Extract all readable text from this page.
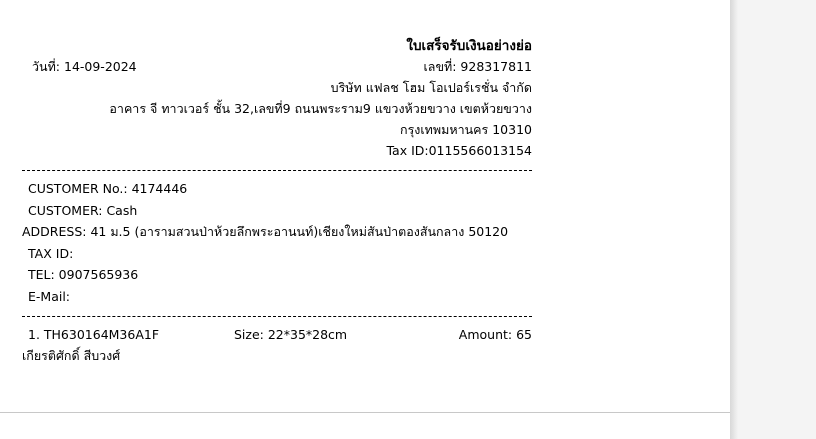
ใบเสร็จรับเงินอย่างย่อ
วันที่: 14-09-2024	เลขที่: 928317811
บริษัท แฟลช โฮม โอเปอร์เรชั่น จำกัด
อาคาร จี ทาวเวอร์ ชั้น 32,เลขที่9 ถนนพระราม9 แขวงห้วยขวาง เขตห้วยขวาง
กรุงเทพมหานคร 10310
Tax ID:0115566013154
CUSTOMER No.: 4174446
CUSTOMER: Cash
ADDRESS: 41 ม.5 (อารามสวนป่าห้วยลึกพระอานนท์)เชียงใหม่สันป่าตองสันกลาง 50120
TAX ID:
TEL: 0907565936
E-Mail:
1. TH630164M36A1F	Size: 22*35*28cm	Amount: 65
เกียรติศักดิ์ สีบวงศ์
